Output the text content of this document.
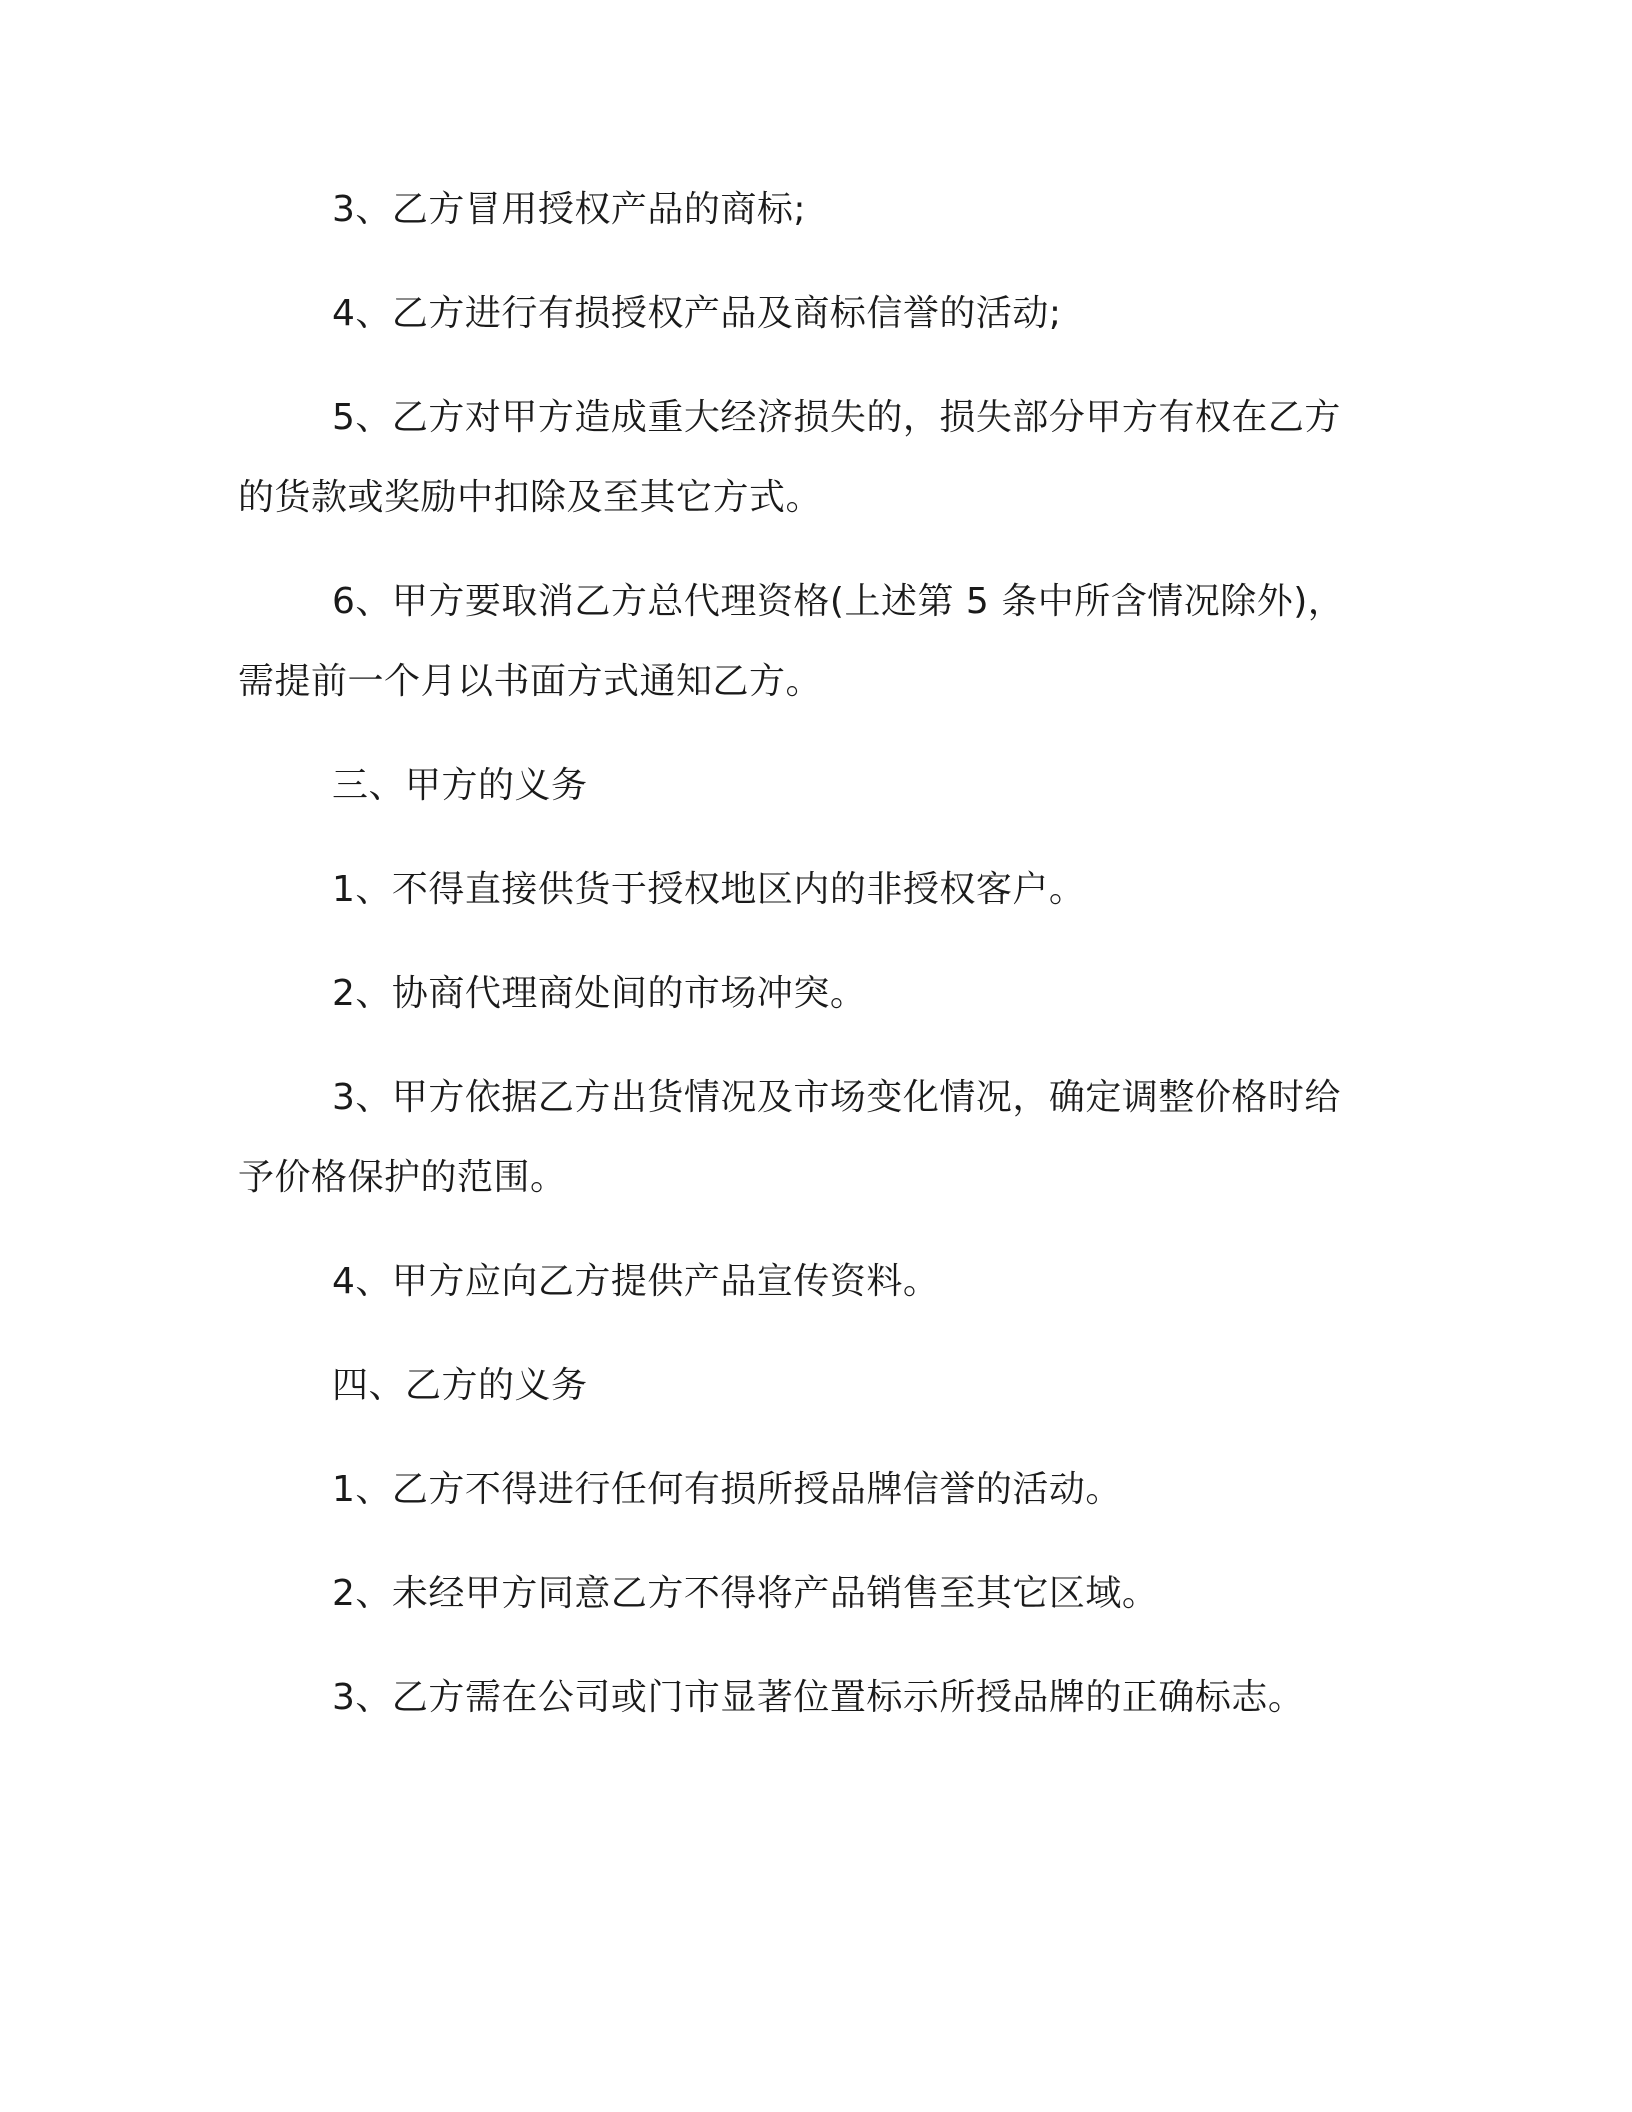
3、乙方冒用授权产品的商标;

4、乙方进行有损授权产品及商标信誉的活动;

5、乙方对甲方造成重大经济损失的，损失部分甲方有权在乙方的货款或奖励中扣除及至其它方式。

6、甲方要取消乙方总代理资格(上述第 5 条中所含情况除外)，需提前一个月以书面方式通知乙方。

三、甲方的义务

1、不得直接供货于授权地区内的非授权客户。

2、协商代理商处间的市场冲突。

3、甲方依据乙方出货情况及市场变化情况，确定调整价格时给予价格保护的范围。

4、甲方应向乙方提供产品宣传资料。

四、乙方的义务

1、乙方不得进行任何有损所授品牌信誉的活动。

2、未经甲方同意乙方不得将产品销售至其它区域。

3、乙方需在公司或门市显著位置标示所授品牌的正确标志。
